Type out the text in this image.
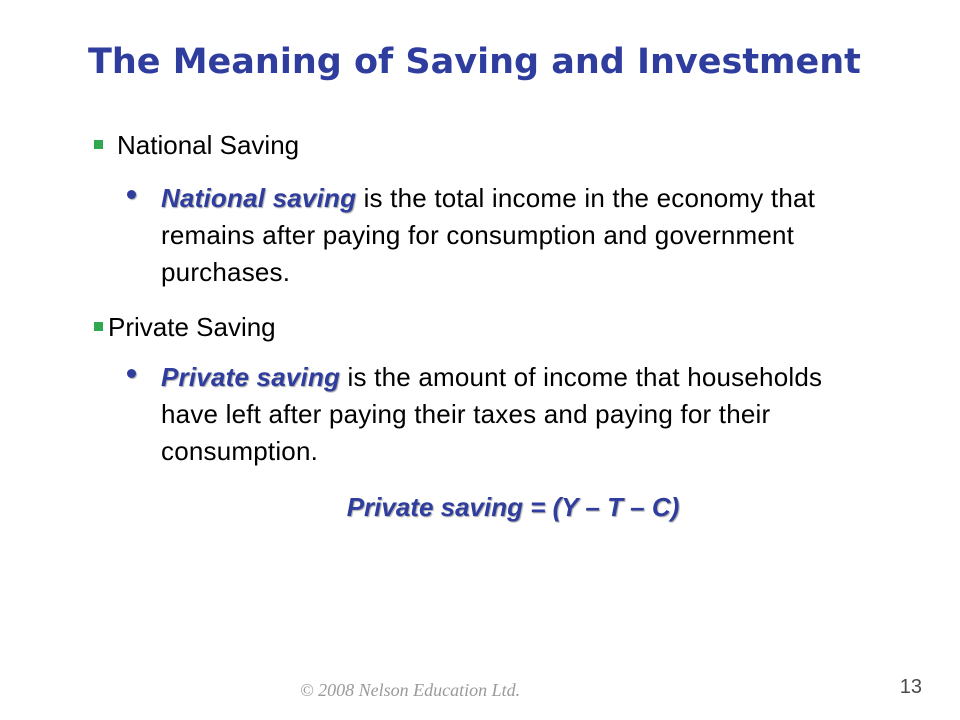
The Meaning of Saving and Investment
National Saving
National saving is the total income in the economy that remains after paying for consumption and government purchases.
Private Saving
Private saving is the amount of income that households have left after paying their taxes and paying for their consumption.
Private saving = (Y – T – C)
© 2008 Nelson Education Ltd.	13
